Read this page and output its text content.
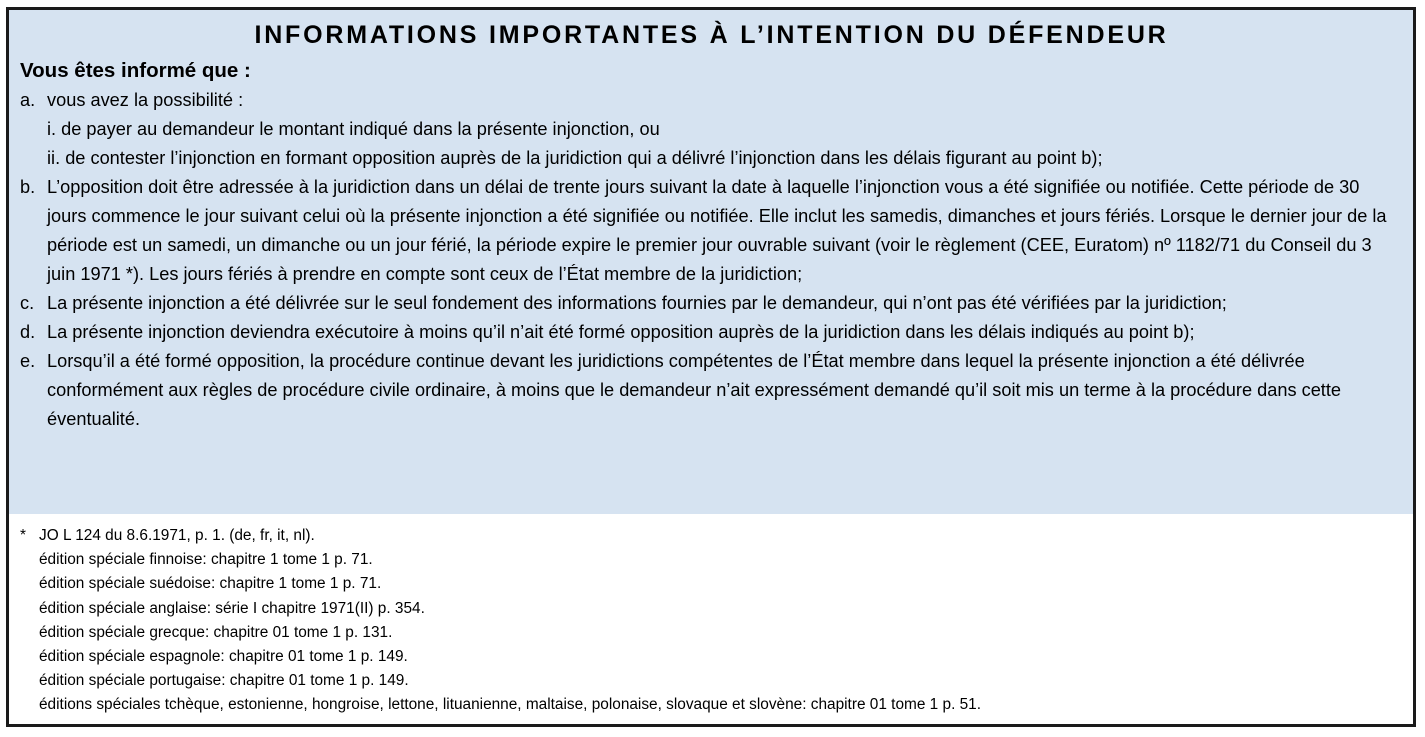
INFORMATIONS IMPORTANTES À L’INTENTION DU DÉFENDEUR
Vous êtes informé que :
a. vous avez la possibilité :
i. de payer au demandeur le montant indiqué dans la présente injonction, ou
ii. de contester l’injonction en formant opposition auprès de la juridiction qui a délivré l’injonction dans les délais figurant au point b);
b. L’opposition doit être adressée à la juridiction dans un délai de trente jours suivant la date à laquelle l’injonction vous a été signifiée ou notifiée. Cette période de 30 jours commence le jour suivant celui où la présente injonction a été signifiée ou notifiée. Elle inclut les samedis, dimanches et jours fériés. Lorsque le dernier jour de la période est un samedi, un dimanche ou un jour férié, la période expire le premier jour ouvrable suivant (voir le règlement (CEE, Euratom) nº 1182/71 du Conseil du 3 juin 1971 *). Les jours fériés à prendre en compte sont ceux de l’État membre de la juridiction;
c. La présente injonction a été délivrée sur le seul fondement des informations fournies par le demandeur, qui n’ont pas été vérifiées par la juridiction;
d. La présente injonction deviendra exécutoire à moins qu’il n’ait été formé opposition auprès de la juridiction dans les délais indiqués au point b);
e. Lorsqu’il a été formé opposition, la procédure continue devant les juridictions compétentes de l’État membre dans lequel la présente injonction a été délivrée conformément aux règles de procédure civile ordinaire, à moins que le demandeur n’ait expressément demandé qu’il soit mis un terme à la procédure dans cette éventualité.
* JO L 124 du 8.6.1971, p. 1. (de, fr, it, nl).
édition spéciale finnoise: chapitre 1 tome 1 p. 71.
édition spéciale suédoise: chapitre 1 tome 1 p. 71.
édition spéciale anglaise: série I chapitre 1971(II) p. 354.
édition spéciale grecque: chapitre 01 tome 1 p. 131.
édition spéciale espagnole: chapitre 01 tome 1 p. 149.
édition spéciale portugaise: chapitre 01 tome 1 p. 149.
éditions spéciales tchèque, estonienne, hongroise, lettone, lituanienne, maltaise, polonaise, slovaque et slovène: chapitre 01 tome 1 p. 51.
